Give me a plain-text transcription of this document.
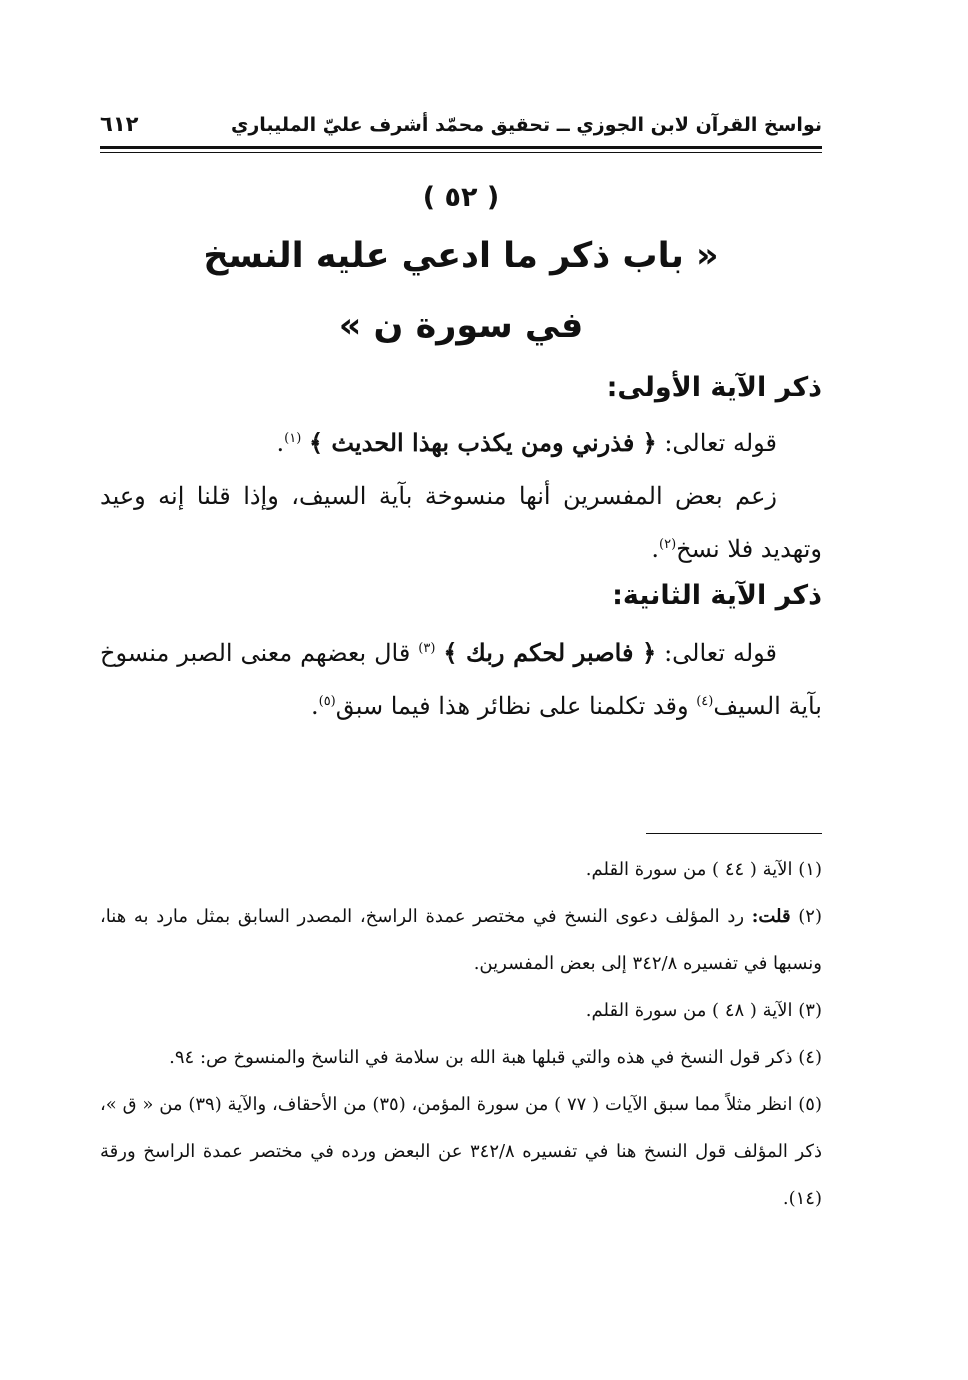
نواسخ القرآن لابن الجوزي ــ تحقيق محمّد أشرف عليّ المليباري
٦١٢
( ٥٢ )
« باب ذكر ما ادعي عليه النسخ
في سورة ن »
ذكر الآية الأولى:
قوله تعالى: ﴿ فذرني ومن يكذب بهذا الحديث ﴾ $^{(١)}$.
زعم بعض المفسرين أنها منسوخة بآية السيف، وإذا قلنا إنه وعيد وتهديد فلا نسخ$^{(٢)}$.
ذكر الآية الثانية:
قوله تعالى: ﴿ فاصبر لحكم ربك ﴾ $^{(٣)}$ قال بعضهم معنى الصبر منسوخ بآية السيف$^{(٤)}$ وقد تكلمنا على نظائر هذا فيما سبق$^{(٥)}$.

(١) الآية ( ٤٤ ) من سورة القلم.

(٢) قلت: رد المؤلف دعوى النسخ في مختصر عمدة الراسخ، المصدر السابق بمثل مارد به هنا، ونسبها في تفسيره ٣٤٢/٨ إلى بعض المفسرين.

(٣) الآية ( ٤٨ ) من سورة القلم.

(٤) ذكر قول النسخ في هذه والتي قبلها هبة الله بن سلامة في الناسخ والمنسوخ ص: ٩٤.

(٥) انظر مثلاً مما سبق الآيات ( ٧٧ ) من سورة المؤمن، (٣٥) من الأحقاف، والآية (٣٩) من « ق »، ذكر المؤلف قول النسخ هنا في تفسيره ٣٤٢/٨ عن البعض ورده في مختصر عمدة الراسخ ورقة (١٤).
